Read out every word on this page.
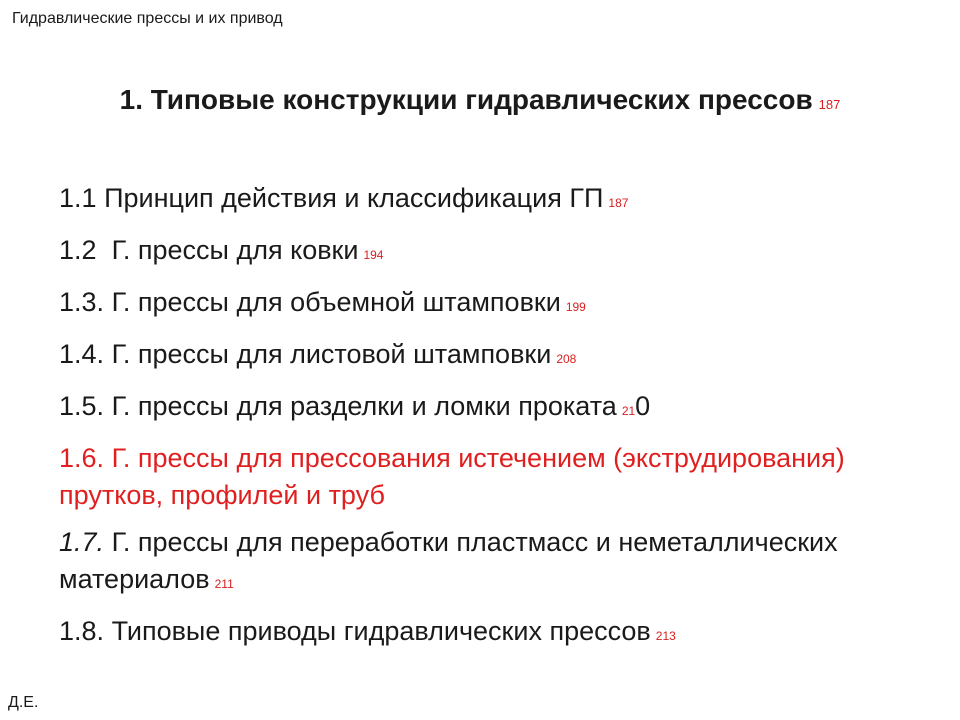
Гидравлические прессы и их привод
1. Типовые конструкции гидравлических прессов 187
1.1 Принцип действия и классификация ГП 187
1.2 Г. прессы для ковки 194
1.3. Г. прессы для объемной штамповки 199
1.4. Г. прессы для листовой штамповки 208
1.5. Г. прессы для разделки и ломки проката 210
1.6. Г. прессы для прессования истечением (экструдирования) прутков, профилей и труб
1.7. Г. прессы для переработки пластмасс и неметаллических материалов 211
1.8. Типовые приводы гидравлических прессов 213
Д.Е.
